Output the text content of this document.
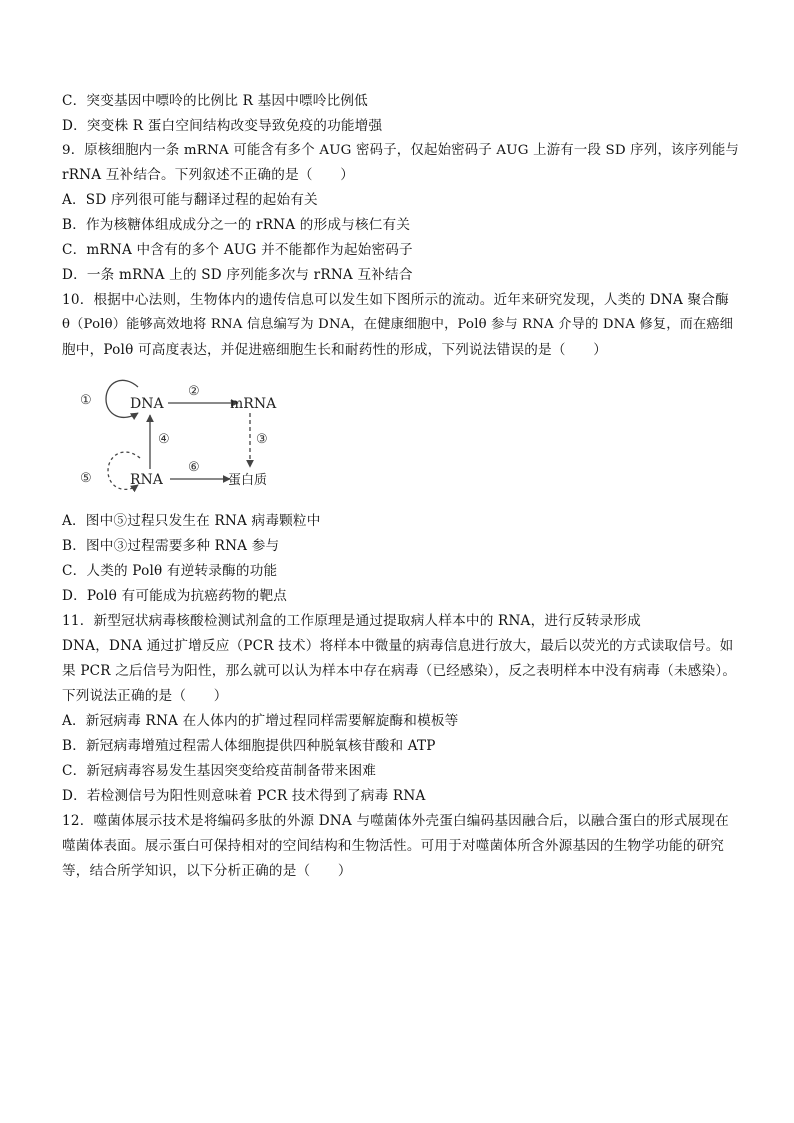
C．突变基因中嘌呤的比例比 R 基因中嘌呤比例低
D．突变株 R 蛋白空间结构改变导致免疫的功能增强
9．原核细胞内一条 mRNA 可能含有多个 AUG 密码子，仅起始密码子 AUG 上游有一段 SD 序列，该序列能与
rRNA 互补结合。下列叙述不正确的是（　　）
A．SD 序列很可能与翻译过程的起始有关
B．作为核糖体组成成分之一的 rRNA 的形成与核仁有关
C．mRNA 中含有的多个 AUG 并不能都作为起始密码子
D．一条 mRNA 上的 SD 序列能多次与 rRNA 互补结合
10．根据中心法则，生物体内的遗传信息可以发生如下图所示的流动。近年来研究发现，人类的 DNA 聚合酶
θ（Polθ）能够高效地将 RNA 信息编写为 DNA，在健康细胞中，Polθ 参与 RNA 介导的 DNA 修复，而在癌细
胞中，Polθ 可高度表达，并促进癌细胞生长和耐药性的形成，下列说法错误的是（　　）
DNA	mRNA
RNA	蛋白质
①
②
③
④
⑤
⑥
A．图中⑤过程只发生在 RNA 病毒颗粒中
B．图中③过程需要多种 RNA 参与
C．人类的 Polθ 有逆转录酶的功能
D．Polθ 有可能成为抗癌药物的靶点
11．新型冠状病毒核酸检测试剂盒的工作原理是通过提取病人样本中的 RNA，进行反转录形成
DNA，DNA 通过扩增反应（PCR 技术）将样本中微量的病毒信息进行放大，最后以荧光的方式读取信号。如
果 PCR 之后信号为阳性，那么就可以认为样本中存在病毒（已经感染），反之表明样本中没有病毒（未感染）。
下列说法正确的是（　　）
A．新冠病毒 RNA 在人体内的扩增过程同样需要解旋酶和模板等
B．新冠病毒增殖过程需人体细胞提供四种脱氧核苷酸和 ATP
C．新冠病毒容易发生基因突变给疫苗制备带来困难
D．若检测信号为阳性则意味着 PCR 技术得到了病毒 RNA
12．噬菌体展示技术是将编码多肽的外源 DNA 与噬菌体外壳蛋白编码基因融合后，以融合蛋白的形式展现在
噬菌体表面。展示蛋白可保持相对的空间结构和生物活性。可用于对噬菌体所含外源基因的生物学功能的研究
等，结合所学知识，以下分析正确的是（　　）
